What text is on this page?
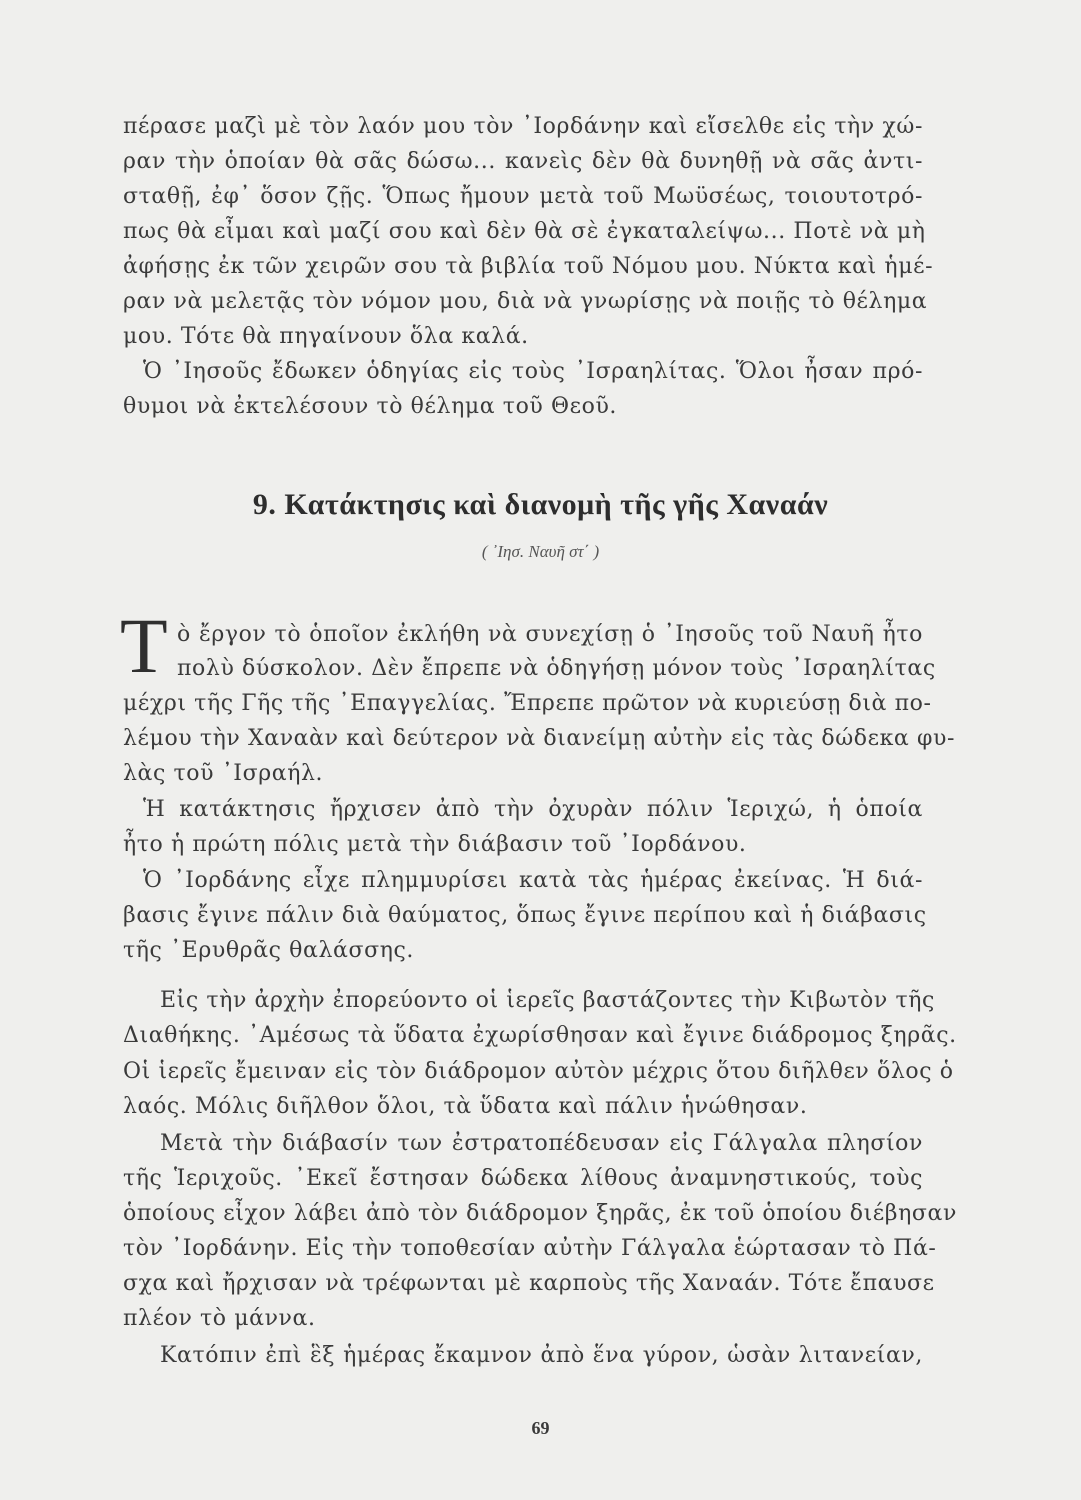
πέρασε μαζὶ μὲ τὸν λαόν μου τὸν ᾿Ιορδάνην καὶ εἴσελθε εἰς τὴν χώ-
ραν τὴν ὁποίαν θὰ σᾶς δώσω... κανεὶς δὲν θὰ δυνηθῇ νὰ σᾶς ἀντι-
σταθῇ, ἐφ᾿ ὅσον ζῇς. Ὅπως ἤμουν μετὰ τοῦ Μωϋσέως, τοιουτοτρό-
πως θὰ εἶμαι καὶ μαζί σου καὶ δὲν θὰ σὲ ἐγκαταλείψω... Ποτὲ νὰ μὴ
ἀφήσῃς ἐκ τῶν χειρῶν σου τὰ βιβλία τοῦ Νόμου μου. Νύκτα καὶ ἡμέ-
ραν νὰ μελετᾷς τὸν νόμον μου, διὰ νὰ γνωρίσῃς νὰ ποιῇς τὸ θέλημα
μου. Τότε θὰ πηγαίνουν ὅλα καλά.
Ὁ ᾿Ιησοῦς ἔδωκεν ὁδηγίας εἰς τοὺς ᾿Ισραηλίτας. Ὅλοι ἦσαν πρό-
θυμοι νὰ ἐκτελέσουν τὸ θέλημα τοῦ Θεοῦ.
9. Κατάκτησις καὶ διανομὴ τῆς γῆς Χαναάν
( ᾿Ιησ. Ναυῆ στ΄ )
Τ ὸ ἔργον τὸ ὁποῖον ἐκλήθη νὰ συνεχίσῃ ὁ ᾿Ιησοῦς τοῦ Ναυῆ ἦτο
πολὺ δύσκολον. Δὲν ἔπρεπε νὰ ὁδηγήσῃ μόνον τοὺς ᾿Ισραηλίτας
μέχρι τῆς Γῆς τῆς ᾿Επαγγελίας. Ἔπρεπε πρῶτον νὰ κυριεύσῃ διὰ πο-
λέμου τὴν Χαναὰν καὶ δεύτερον νὰ διανείμῃ αὐτὴν εἰς τὰς δώδεκα φυ-
λὰς τοῦ ᾿Ισραήλ.
Ἡ κατάκτησις ἤρχισεν ἀπὸ τὴν ὀχυρὰν πόλιν Ἱεριχώ, ἡ ὁποία
ἦτο ἡ πρώτη πόλις μετὰ τὴν διάβασιν τοῦ ᾿Ιορδάνου.
Ὁ ᾿Ιορδάνης εἶχε πλημμυρίσει κατὰ τὰς ἡμέρας ἐκείνας. Ἡ διά-
βασις ἔγινε πάλιν διὰ θαύματος, ὅπως ἔγινε περίπου καὶ ἡ διάβασις
τῆς ᾿Ερυθρᾶς θαλάσσης.
Εἰς τὴν ἀρχὴν ἐπορεύοντο οἱ ἱερεῖς βαστάζοντες τὴν Κιβωτὸν τῆς
Διαθήκης. ᾿Αμέσως τὰ ὕδατα ἐχωρίσθησαν καὶ ἔγινε διάδρομος ξηρᾶς.
Οἱ ἱερεῖς ἔμειναν εἰς τὸν διάδρομον αὐτὸν μέχρις ὅτου διῆλθεν ὅλος ὁ
λαός. Μόλις διῆλθον ὅλοι, τὰ ὕδατα καὶ πάλιν ἡνώθησαν.
Μετὰ τὴν διάβασίν των ἐστρατοπέδευσαν εἰς Γάλγαλα πλησίον
τῆς Ἱεριχοῦς. ᾿Εκεῖ ἔστησαν δώδεκα λίθους ἀναμνηστικούς, τοὺς
ὁποίους εἶχον λάβει ἀπὸ τὸν διάδρομον ξηρᾶς, ἐκ τοῦ ὁποίου διέβησαν
τὸν ᾿Ιορδάνην. Εἰς τὴν τοποθεσίαν αὐτὴν Γάλγαλα ἑώρτασαν τὸ Πά-
σχα καὶ ἤρχισαν νὰ τρέφωνται μὲ καρποὺς τῆς Χαναάν. Τότε ἔπαυσε
πλέον τὸ μάννα.
Κατόπιν ἐπὶ ἓξ ἡμέρας ἔκαμνον ἀπὸ ἕνα γύρον, ὡσὰν λιτανείαν,
69
